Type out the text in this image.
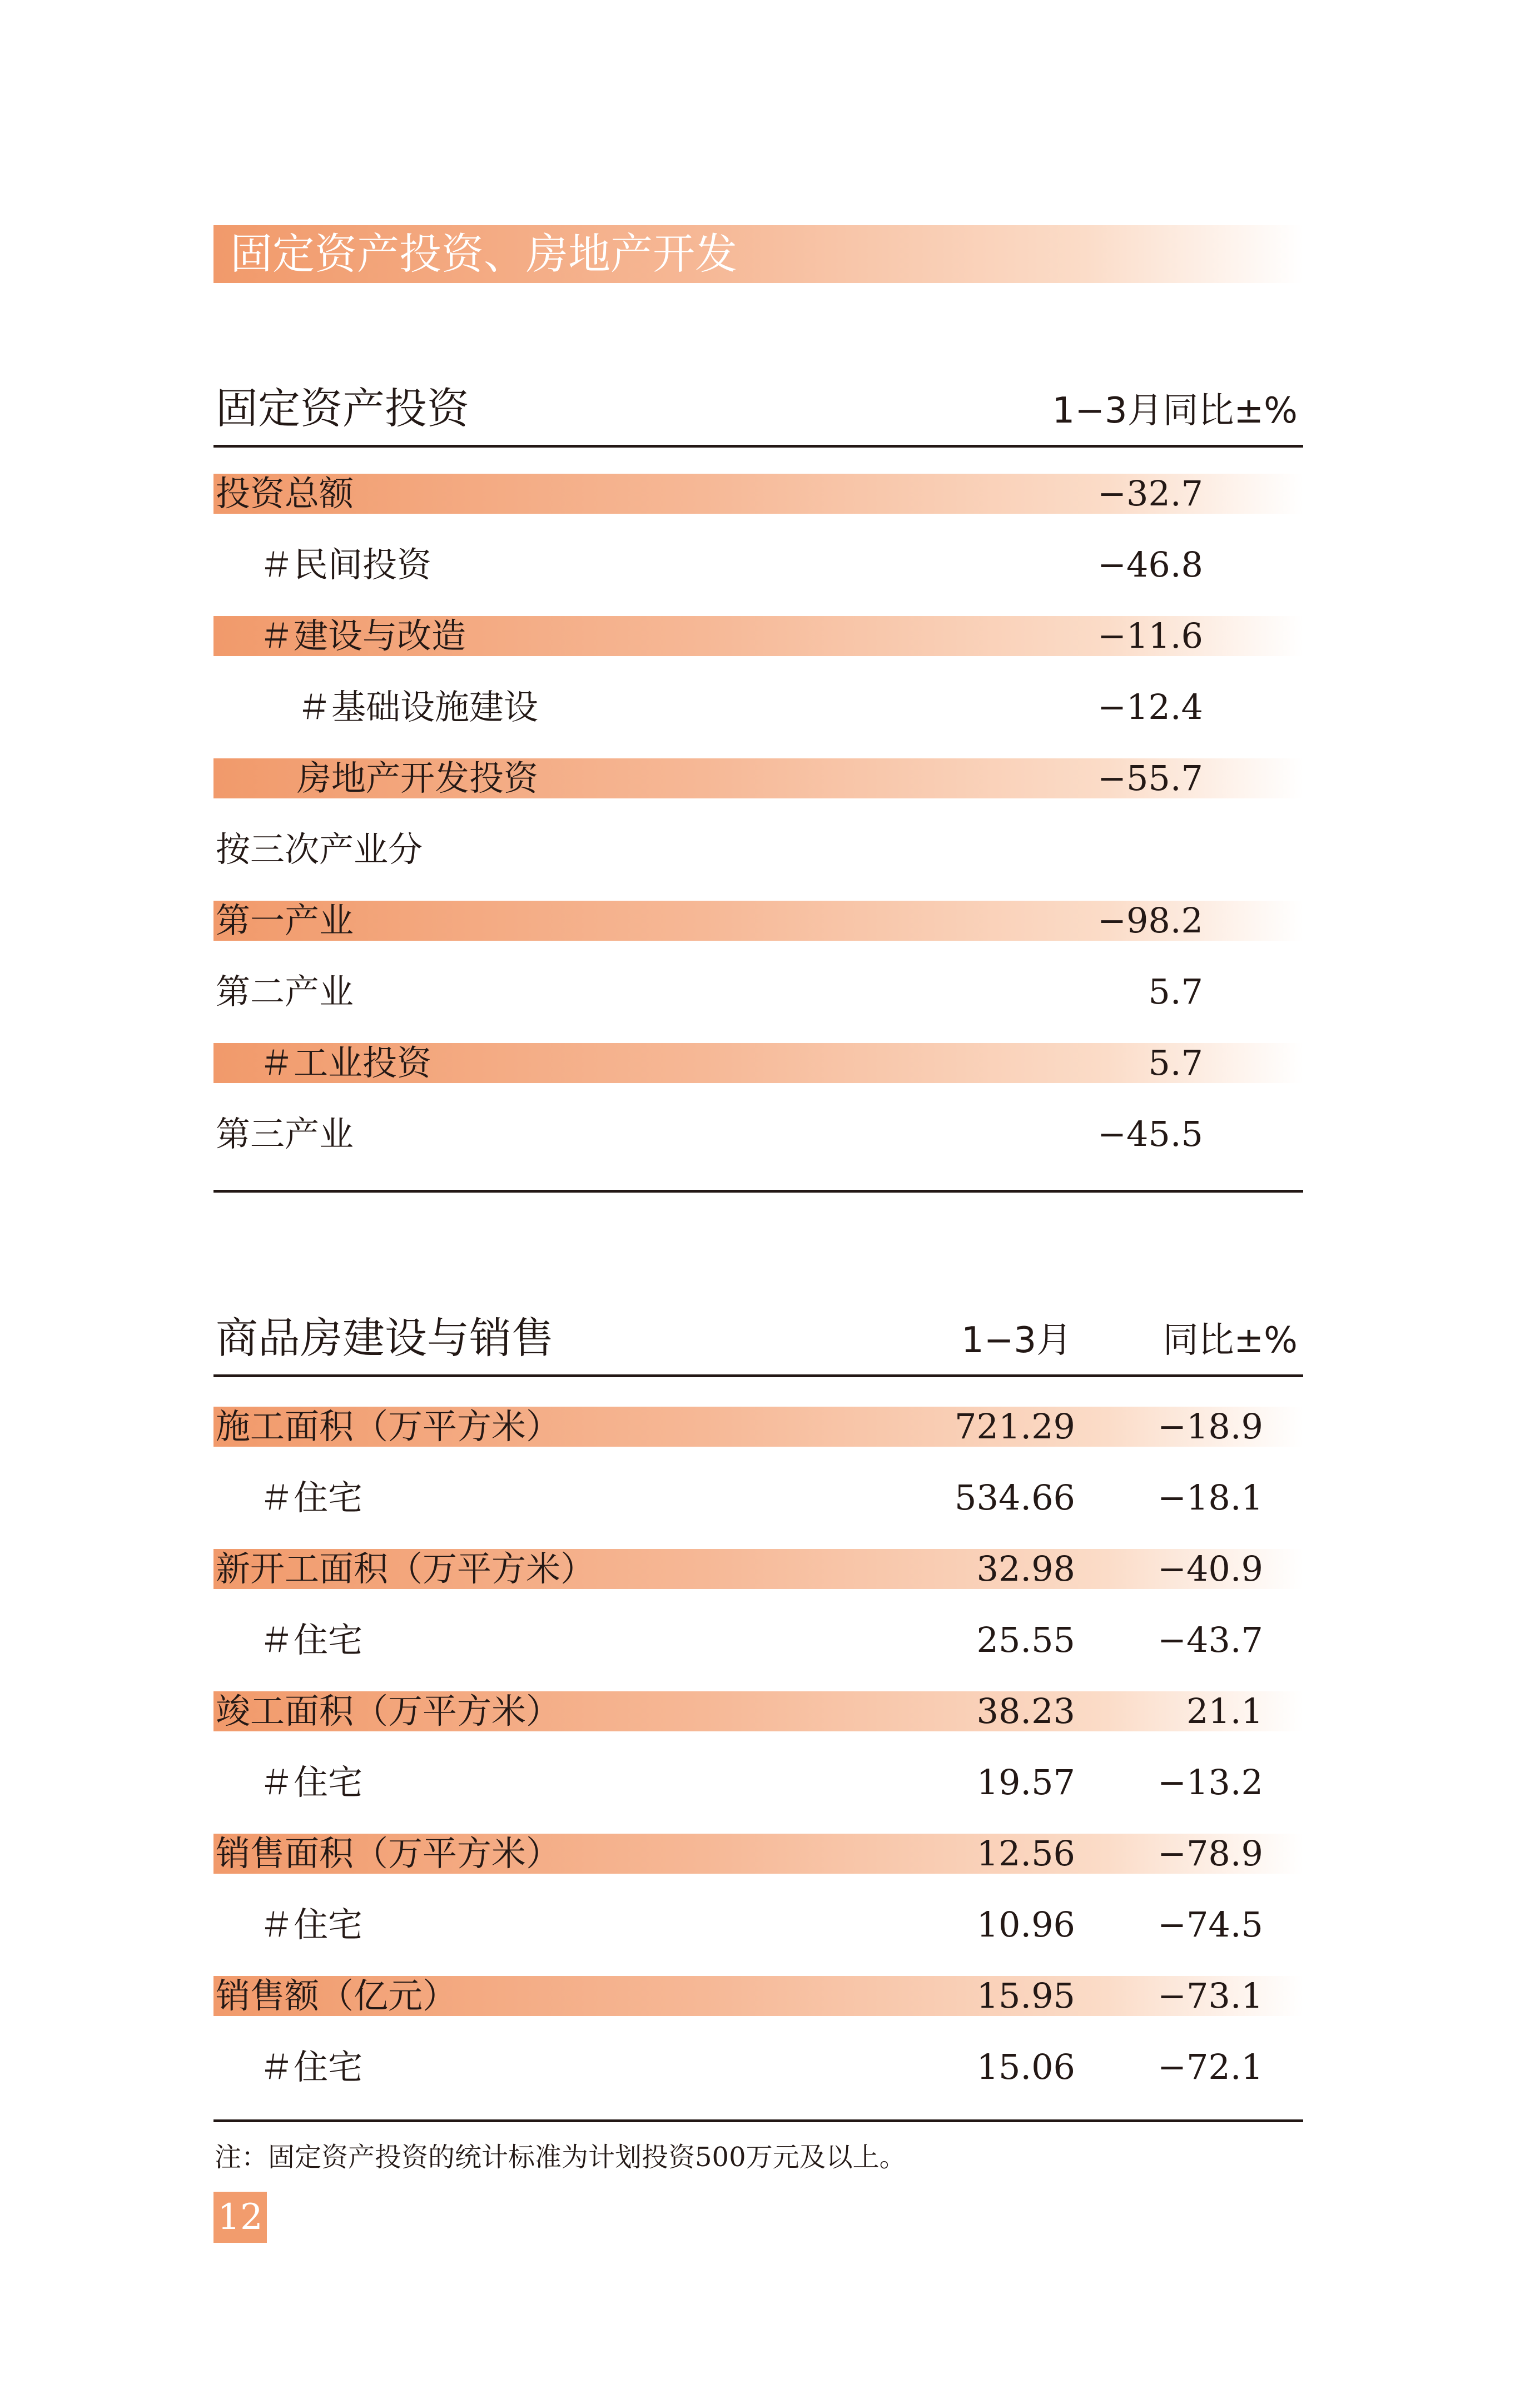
固定资产投资、房地产开发
固定资产投资	1−3月同比±%
投资总额	−32.7
＃民间投资	−46.8
＃建设与改造	−11.6
＃基础设施建设	−12.4
房地产开发投资	−55.7
按三次产业分
第一产业	−98.2
第二产业	5.7
＃工业投资	5.7
第三产业	−45.5
商品房建设与销售	1−3月	同比±%
施工面积（万平方米）	721.29 −18.9
＃住宅	534.66 −18.1
新开工面积（万平方米）	32.98 −40.9
＃住宅	25.55 −43.7
竣工面积（万平方米）	38.23	21.1
＃住宅	19.57 −13.2
销售面积（万平方米）	12.56 −78.9
＃住宅	10.96 −74.5
销售额（亿元）	15.95 −73.1
＃住宅	15.06 −72.1
注：固定资产投资的统计标准为计划投资500万元及以上。
12
